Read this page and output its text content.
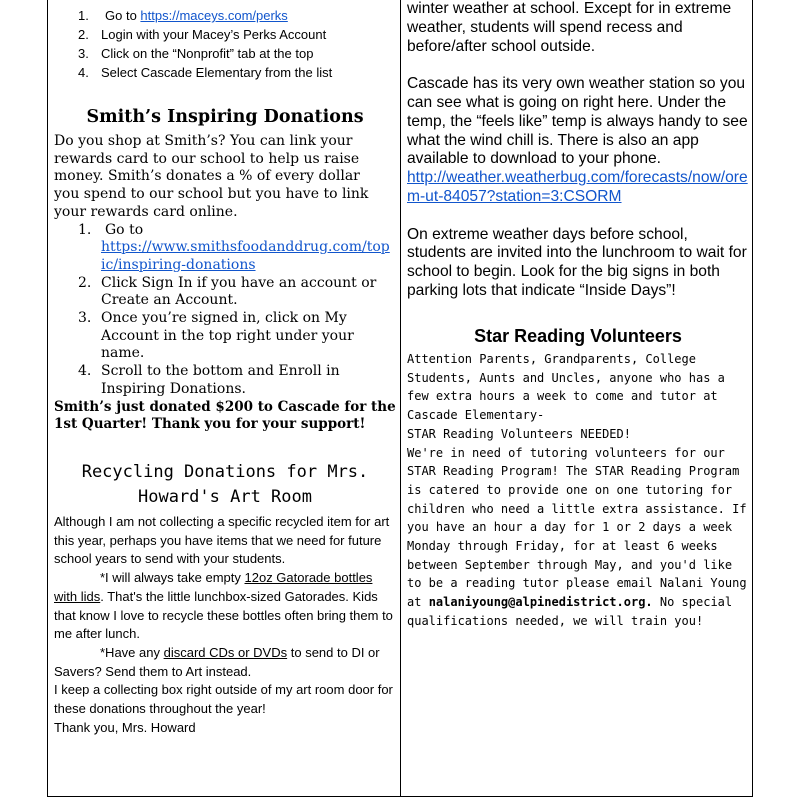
1. Go to https://maceys.com/perks
2. Login with your Macey’s Perks Account
3. Click on the “Nonprofit” tab at the top
4. Select Cascade Elementary from the list
Smith’s Inspiring Donations
Do you shop at Smith’s? You can link your rewards card to our school to help us raise money. Smith’s donates a % of every dollar you spend to our school but you have to link your rewards card online.
1. Go to

https://www.smithsfoodanddrug.com/topic/inspiring-donations
2. Click Sign In if you have an account or Create an Account.
3. Once you’re signed in, click on My Account in the top right under your name.
4. Scroll to the bottom and Enroll in Inspiring Donations.
Smith’s just donated $200 to Cascade for the 1st Quarter! Thank you for your support!
Recycling Donations for Mrs.
Howard's Art Room
Although I am not collecting a specific recycled item for art this year, perhaps you have items that we need for future school years to send with your students.
*I will always take empty 12oz Gatorade bottles with lids. That's the little lunchbox-sized Gatorades. Kids that know I love to recycle these bottles often bring them to me after lunch.
*Have any discard CDs or DVDs to send to DI or Savers? Send them to Art instead.
I keep a collecting box right outside of my art room door for these donations throughout the year!
Thank you, Mrs. Howard
winter weather at school. Except for in extreme weather, students will spend recess and before/after school outside.
Cascade has its very own weather station so you can see what is going on right here. Under the temp, the “feels like” temp is always handy to see what the wind chill is. There is also an app available to download to your phone.
http://weather.weatherbug.com/forecasts/now/orem-ut-84057?station=3:CSORM
On extreme weather days before school, students are invited into the lunchroom to wait for school to begin. Look for the big signs in both parking lots that indicate “Inside Days”!
Star Reading Volunteers
Attention Parents, Grandparents, College Students, Aunts and Uncles, anyone who has a few extra hours a week to come and tutor at Cascade Elementary-
STAR Reading Volunteers NEEDED!
We're in need of tutoring volunteers for our STAR Reading Program! The STAR Reading Program is catered to provide one on one tutoring for children who need a little extra assistance. If you have an hour a day for 1 or 2 days a week Monday through Friday, for at least 6 weeks between September through May, and you'd like to be a reading tutor please email Nalani Young at nalaniyoung@alpinedistrict.org. No special qualifications needed, we will train you!
